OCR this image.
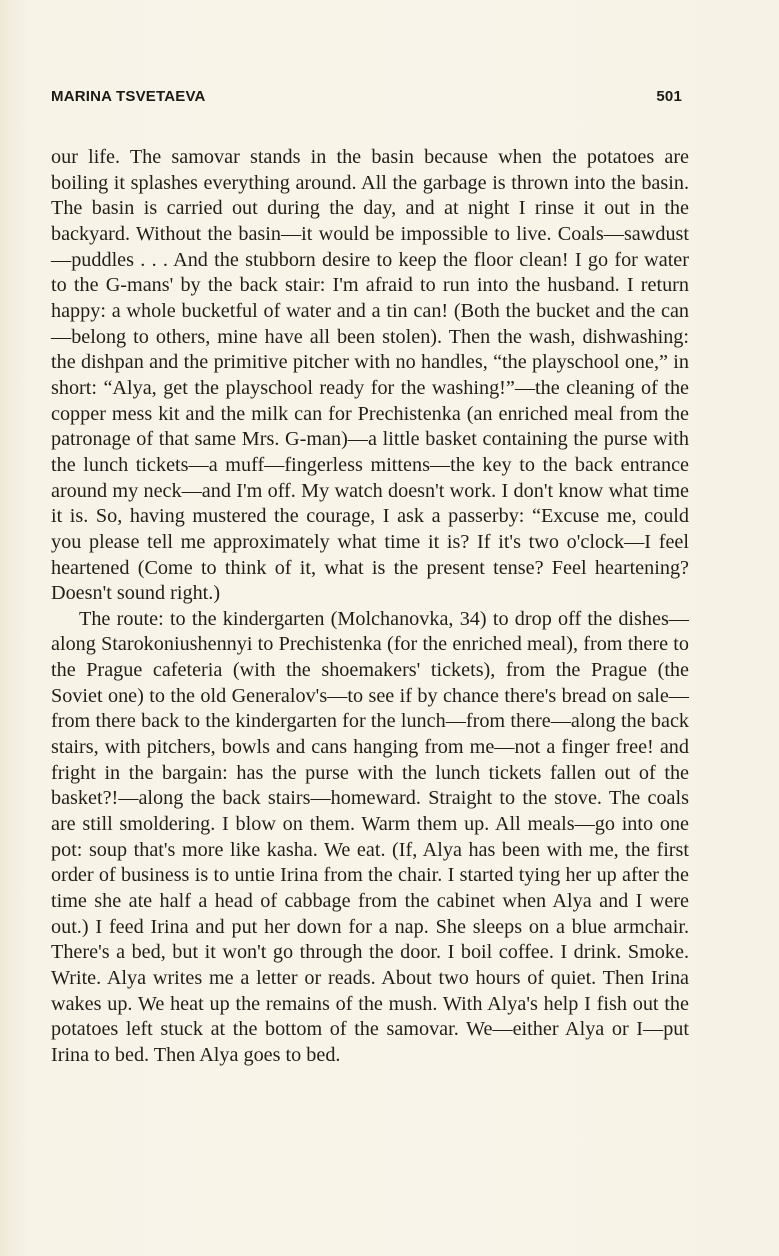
MARINA TSVETAEVA	501

our life. The samovar stands in the basin because when the potatoes are boiling it splashes everything around. All the garbage is thrown into the basin. The basin is carried out during the day, and at night I rinse it out in the backyard. Without the basin—it would be impossible to live. Coals—sawdust—puddles . . . And the stubborn desire to keep the floor clean! I go for water to the G-mans' by the back stair: I'm afraid to run into the husband. I return happy: a whole bucketful of water and a tin can! (Both the bucket and the can—belong to others, mine have all been stolen). Then the wash, dishwashing: the dishpan and the primitive pitcher with no handles, “the playschool one,” in short: “Alya, get the playschool ready for the washing!”—the cleaning of the copper mess kit and the milk can for Prechistenka (an enriched meal from the patronage of that same Mrs. G-man)—a little basket containing the purse with the lunch tickets—a muff—fingerless mittens—the key to the back entrance around my neck—and I'm off. My watch doesn't work. I don't know what time it is. So, having mustered the courage, I ask a passerby: “Excuse me, could you please tell me approximately what time it is? If it's two o'clock—I feel heartened (Come to think of it, what is the present tense? Feel heartening? Doesn't sound right.)

The route: to the kindergarten (Molchanovka, 34) to drop off the dishes—along Starokoniushennyi to Prechistenka (for the enriched meal), from there to the Prague cafeteria (with the shoemakers' tickets), from the Prague (the Soviet one) to the old Generalov's—to see if by chance there's bread on sale—from there back to the kindergarten for the lunch—from there—along the back stairs, with pitchers, bowls and cans hanging from me—not a finger free! and fright in the bargain: has the purse with the lunch tickets fallen out of the basket?!—along the back stairs—homeward. Straight to the stove. The coals are still smoldering. I blow on them. Warm them up. All meals—go into one pot: soup that's more like kasha. We eat. (If, Alya has been with me, the first order of business is to untie Irina from the chair. I started tying her up after the time she ate half a head of cabbage from the cabinet when Alya and I were out.) I feed Irina and put her down for a nap. She sleeps on a blue armchair. There's a bed, but it won't go through the door. I boil coffee. I drink. Smoke. Write. Alya writes me a letter or reads. About two hours of quiet. Then Irina wakes up. We heat up the remains of the mush. With Alya's help I fish out the potatoes left stuck at the bottom of the samovar. We—either Alya or I—put Irina to bed. Then Alya goes to bed.
